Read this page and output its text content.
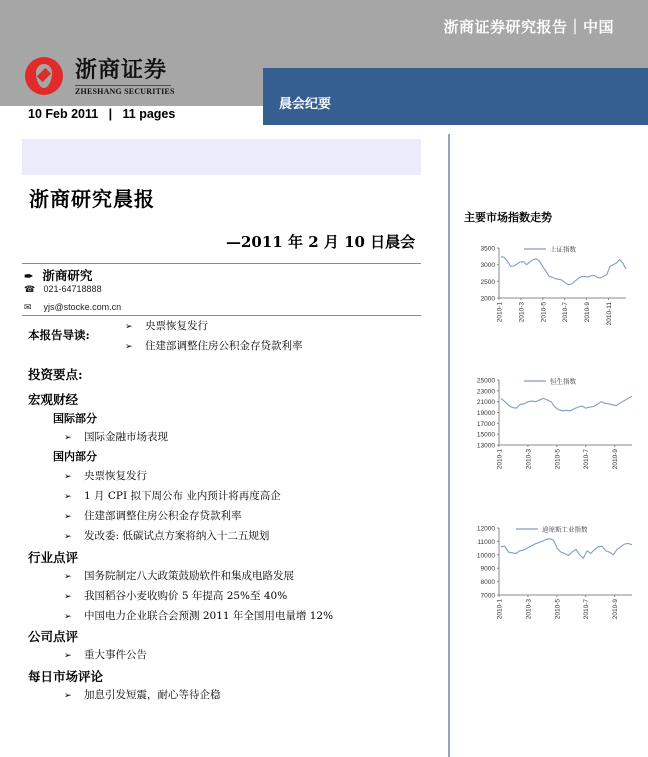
浙商证券研究报告｜中国
浙商证券
ZHESHANG SECURITIES
10 Feb 2011   |   11 pages
晨会纪要
浙商研究晨报
—2011 年 2 月 10 日晨会
✒ 浙商研究
☎ 021-64718888
✉ yjs@stocke.com.cn
本报告导读:
➢ 央票恢复发行
➢ 住建部调整住房公积金存贷款利率
投资要点:
宏观财经
国际部分
➢ 国际金融市场表现
国内部分
➢ 央票恢复发行
➢ 1 月 CPI 拟下周公布 业内预计将再度高企
➢ 住建部调整住房公积金存贷款利率
➢ 发改委: 低碳试点方案将纳入十二五规划
行业点评
➢ 国务院制定八大政策鼓励软件和集成电路发展
➢ 我国稻谷小麦收购价 5 年提高 25%至 40%
➢ 中国电力企业联合会预测 2011 年全国用电量增 12%
公司点评
➢ 重大事件公告
每日市场评论
➢ 加息引发短震，耐心等待企稳
主要市场指数走势
2000
2500
3000
3500
2010-1 2010-3 2010-5 2010-7 2010-9 2010-11
上证指数
13000
15000
17000
19000
21000
23000
25000
2010-1	2010-3	2010-5	2010-7	2010-9
恒生指数
7000
8000
9000
10000
11000
12000
2010-1	2010-3	2010-5	2010-7	2010-9
道琼斯工业指数
